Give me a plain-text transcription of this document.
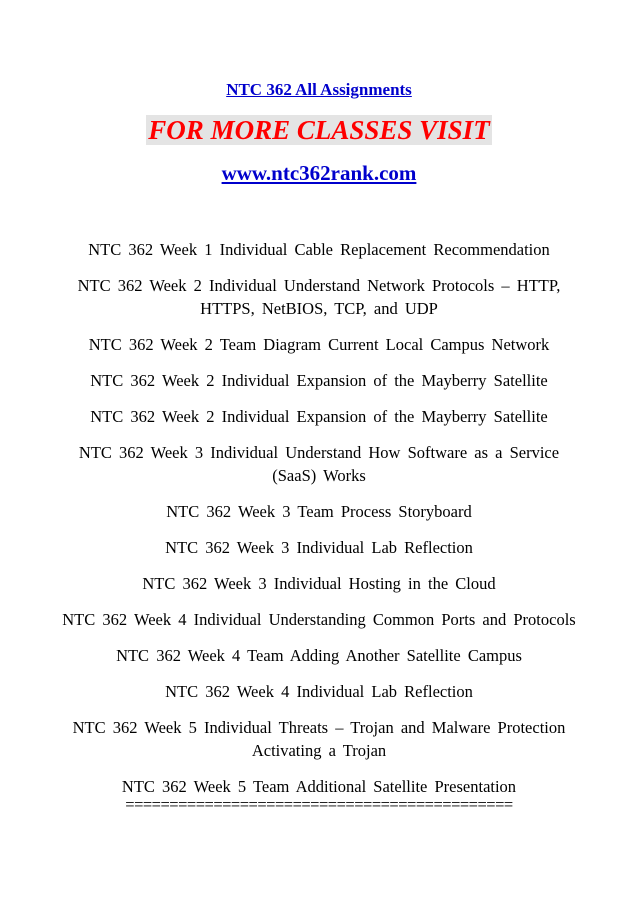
NTC 362 All Assignments
FOR MORE CLASSES VISIT
www.ntc362rank.com
NTC 362 Week 1 Individual Cable Replacement Recommendation
NTC 362 Week 2 Individual Understand Network Protocols – HTTP, HTTPS, NetBIOS, TCP, and UDP
NTC 362 Week 2 Team Diagram Current Local Campus Network
NTC 362 Week 2 Individual Expansion of the Mayberry Satellite
NTC 362 Week 2 Individual Expansion of the Mayberry Satellite
NTC 362 Week 3 Individual Understand How Software as a Service (SaaS) Works
NTC 362 Week 3 Team Process Storyboard
NTC 362 Week 3 Individual Lab Reflection
NTC 362 Week 3 Individual Hosting in the Cloud
NTC 362 Week 4 Individual Understanding Common Ports and Protocols
NTC 362 Week 4 Team Adding Another Satellite Campus
NTC 362 Week 4 Individual Lab Reflection
NTC 362 Week 5 Individual Threats – Trojan and Malware Protection Activating a Trojan
NTC 362 Week 5 Team Additional Satellite Presentation
============================================
